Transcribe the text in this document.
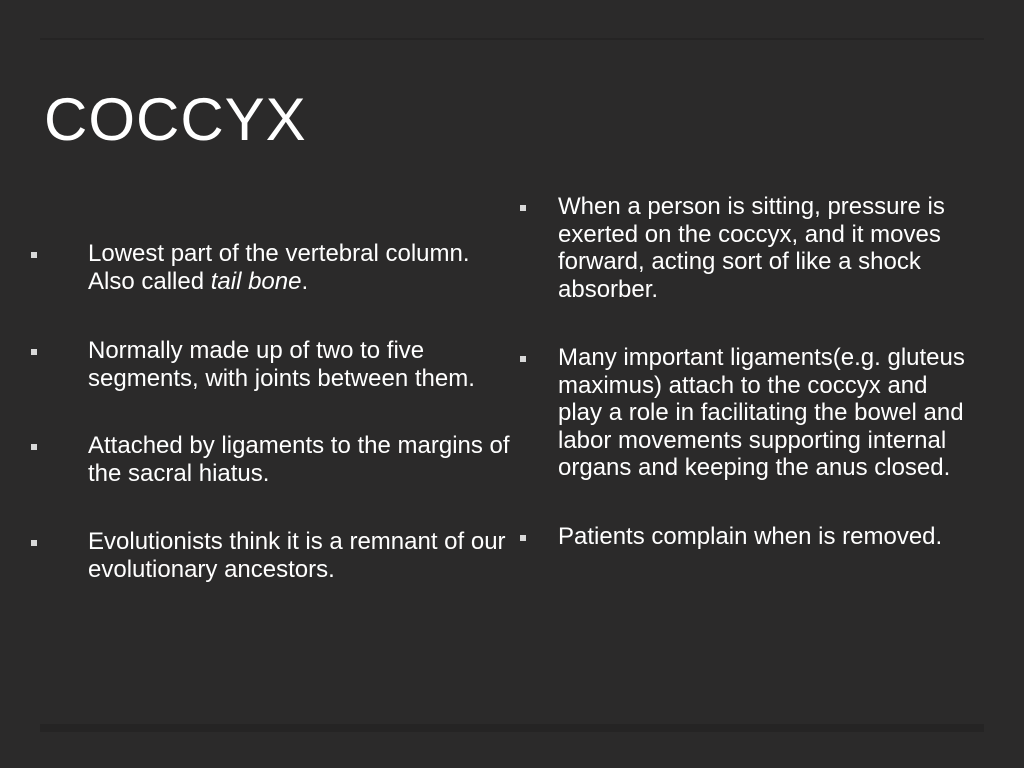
COCCYX
Lowest part of the vertebral column. Also called tail bone.
Normally made up of two to five segments, with joints between them.
Attached by ligaments to the margins of the sacral hiatus.
Evolutionists think it is a remnant of our evolutionary ancestors.
When a person is sitting, pressure is exerted on the coccyx, and it moves forward, acting sort of like a shock absorber.
Many important ligaments(e.g. gluteus maximus) attach to the coccyx and play a role in facilitating the bowel and labor movements supporting internal organs and keeping the anus closed.
Patients complain when is removed.
